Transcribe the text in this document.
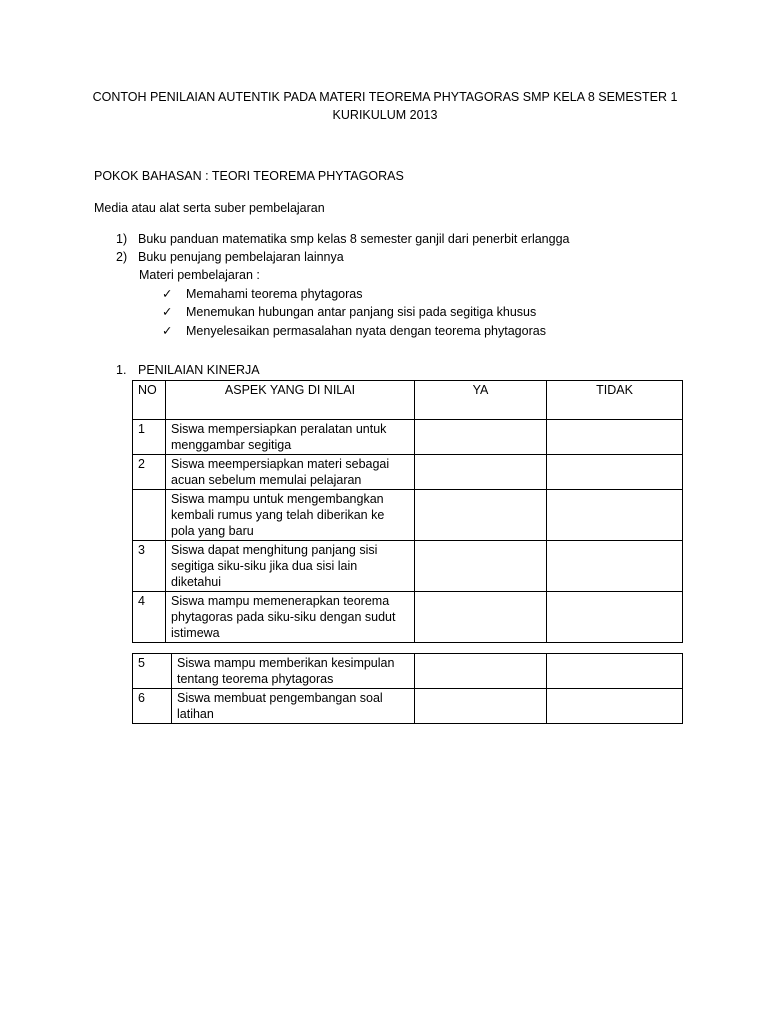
CONTOH PENILAIAN AUTENTIK PADA MATERI TEOREMA PHYTAGORAS SMP KELA 8 SEMESTER 1
KURIKULUM 2013
POKOK BAHASAN : TEORI TEOREMA PHYTAGORAS
Media atau alat serta suber pembelajaran
1) Buku panduan matematika smp kelas 8 semester ganjil dari penerbit erlangga
2) Buku penujang pembelajaran lainnya
Materi pembelajaran :
✓ Memahami teorema phytagoras
✓ Menemukan hubungan antar panjang sisi pada segitiga khusus
✓ Menyelesaikan permasalahan nyata dengan teorema phytagoras
1. PENILAIAN KINERJA
NO	ASPEK YANG DI NILAI	YA	TIDAK
1	Siswa mempersiapkan peralatan untuk menggambar segitiga		
2	Siswa meempersiapkan materi sebagai acuan sebelum memulai pelajaran		
	Siswa mampu untuk mengembangkan kembali rumus yang telah diberikan ke pola yang baru		
3	Siswa dapat menghitung panjang sisi segitiga siku-siku jika dua sisi lain diketahui		
4	Siswa mampu memenerapkan teorema phytagoras pada siku-siku dengan sudut istimewa		
5	Siswa mampu memberikan kesimpulan tentang teorema phytagoras		
6	Siswa membuat pengembangan soal latihan		
